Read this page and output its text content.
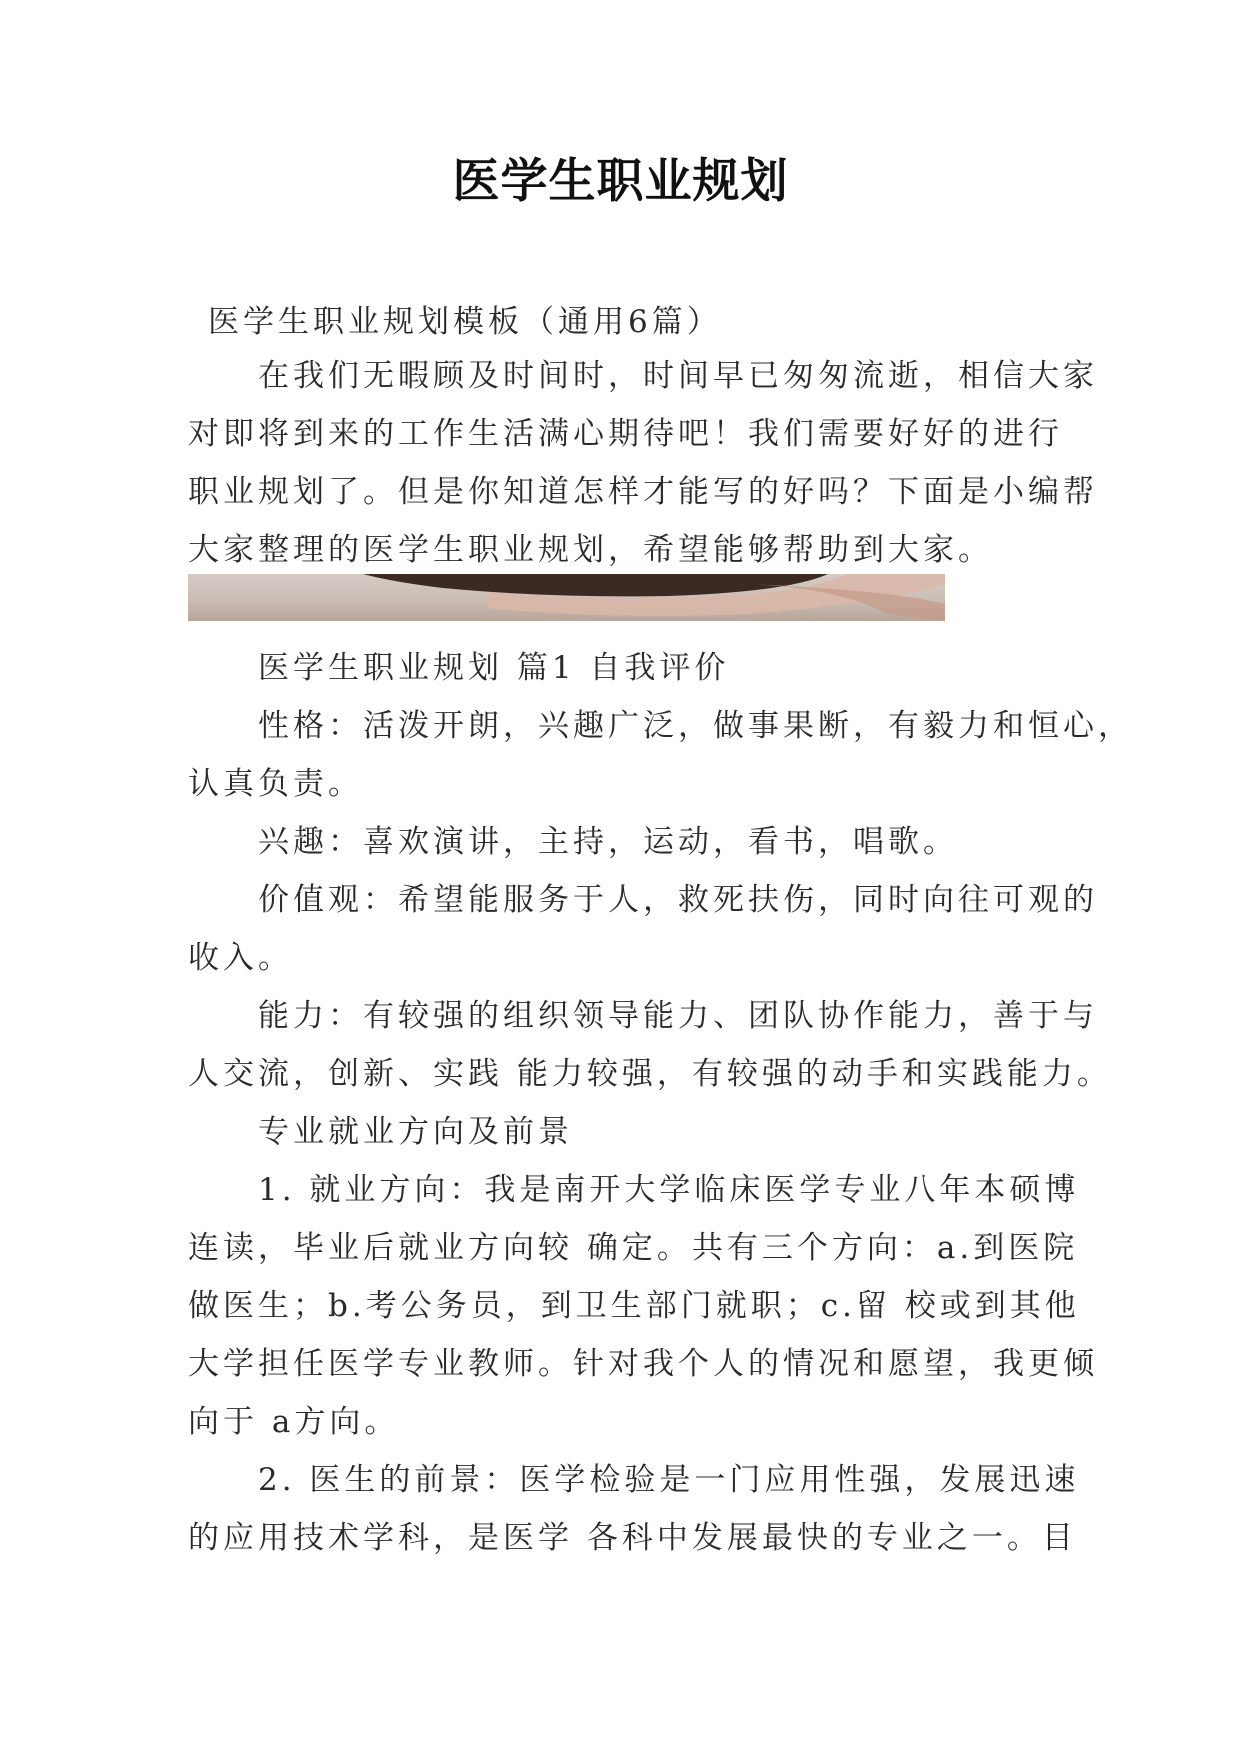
医学生职业规划
医学生职业规划模板（通用6篇）
在我们无暇顾及时间时，时间早已匆匆流逝，相信大家
对即将到来的工作生活满心期待吧！我们需要好好的进行
职业规划了。但是你知道怎样才能写的好吗？下面是小编帮
大家整理的医学生职业规划，希望能够帮助到大家。
医学生职业规划 篇1 自我评价
性格：活泼开朗，兴趣广泛，做事果断，有毅力和恒心，
认真负责。
兴趣：喜欢演讲，主持，运动，看书，唱歌。
价值观：希望能服务于人，救死扶伤，同时向往可观的
收入。
能力：有较强的组织领导能力、团队协作能力，善于与
人交流，创新、实践 能力较强，有较强的动手和实践能力。
专业就业方向及前景
1. 就业方向：我是南开大学临床医学专业八年本硕博
连读，毕业后就业方向较 确定。共有三个方向：a.到医院
做医生；b.考公务员，到卫生部门就职；c.留 校或到其他
大学担任医学专业教师。针对我个人的情况和愿望，我更倾
向于 a方向。
2. 医生的前景：医学检验是一门应用性强，发展迅速
的应用技术学科，是医学 各科中发展最快的专业之一。目
